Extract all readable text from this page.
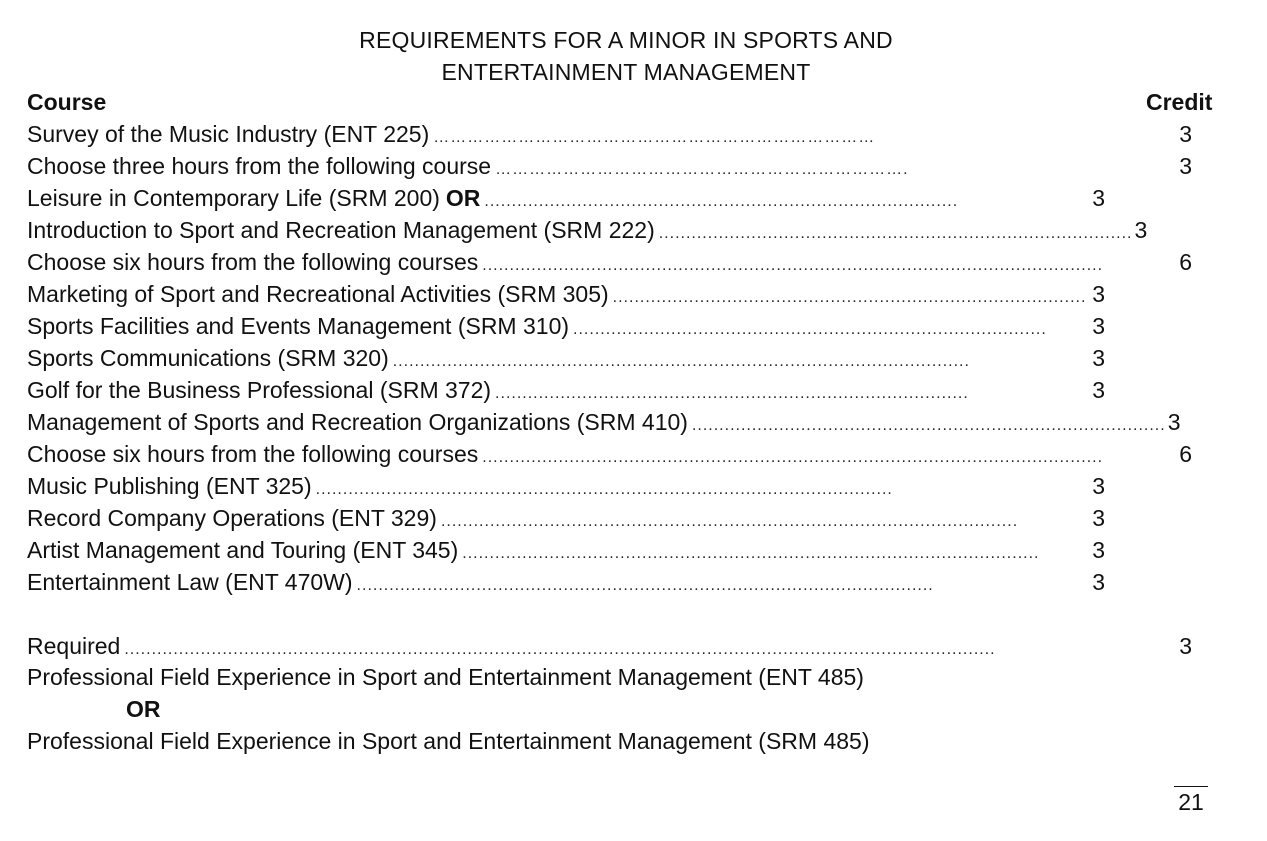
REQUIREMENTS FOR A MINOR IN SPORTS AND
ENTERTAINMENT MANAGEMENT
Course	Credit
Survey of the Music Industry (ENT 225) ……………………………………………………………………	3
Choose three hours from the following course ……………………………………………………………….	3
Leisure in Contemporary Life (SRM 200) OR .......................................................................................	3
Introduction to Sport and Recreation Management (SRM 222) ....................................................................................... 3
Choose six hours from the following courses ..................................................................................................................	6
Marketing of Sport and Recreational Activities (SRM 305) ....................................................................................... 3
Sports Facilities and Events Management (SRM 310) .......................................................................................	3
Sports Communications (SRM 320) ..........................................................................................................	3
Golf for the Business Professional (SRM 372) .......................................................................................	3
Management of Sports and Recreation Organizations (SRM 410) ....................................................................................... 3
Choose six hours from the following courses ..................................................................................................................	6
Music Publishing (ENT 325) ..........................................................................................................	3
Record Company Operations (ENT 329) ..........................................................................................................	3
Artist Management and Touring (ENT 345) ..........................................................................................................	3
Entertainment Law (ENT 470W) ..........................................................................................................	3
Required ................................................................................................................................................................	3
Professional Field Experience in Sport and Entertainment Management (ENT 485)
OR
Professional Field Experience in Sport and Entertainment Management (SRM 485)
21
